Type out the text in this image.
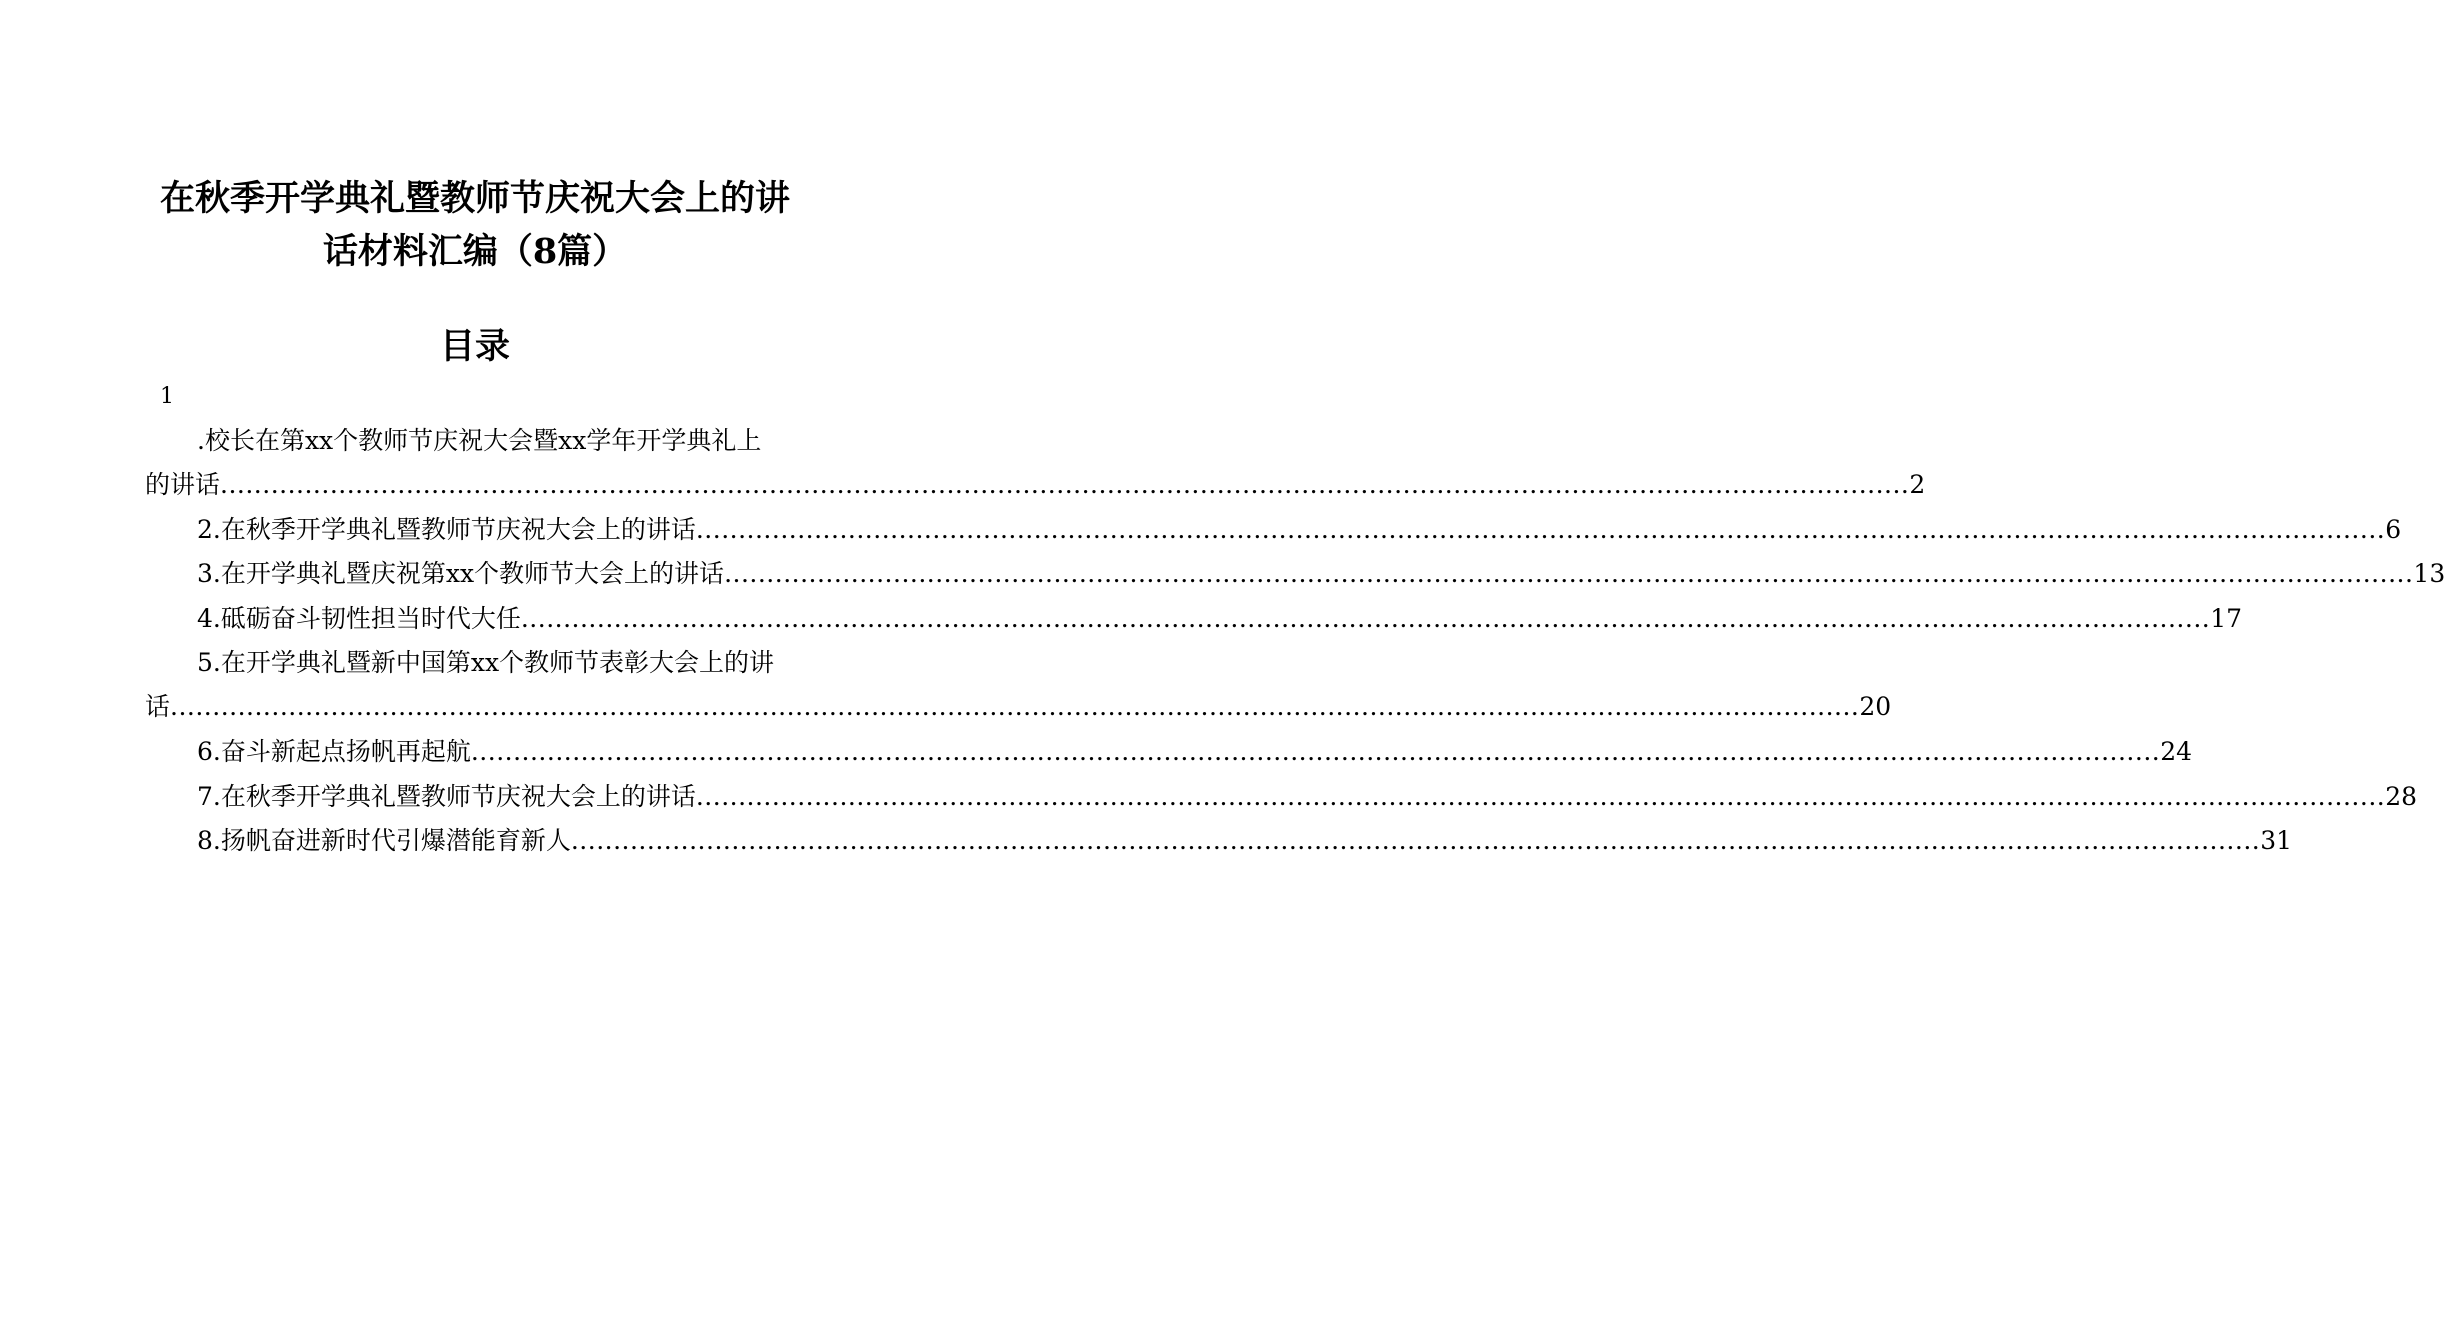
在秋季开学典礼暨教师节庆祝大会上的讲
话材料汇编（8篇）
目录
1
.校长在第xx个教师节庆祝大会暨xx学年开学典礼上
的讲话 ........................................................................................................................................................................................................ 2
2.在秋季开学典礼暨教师节庆祝大会上的讲话 ........................................................................................................................................................................................................ 6
3.在开学典礼暨庆祝第xx个教师节大会上的讲话 ........................................................................................................................................................................................................ 13
4.砥砺奋斗韧性担当时代大任 ........................................................................................................................................................................................................ 17
5.在开学典礼暨新中国第xx个教师节表彰大会上的讲
话 ........................................................................................................................................................................................................ 20
6.奋斗新起点扬帆再起航 ........................................................................................................................................................................................................ 24
7.在秋季开学典礼暨教师节庆祝大会上的讲话 ........................................................................................................................................................................................................ 28
8.扬帆奋进新时代引爆潜能育新人 ........................................................................................................................................................................................................ 31
